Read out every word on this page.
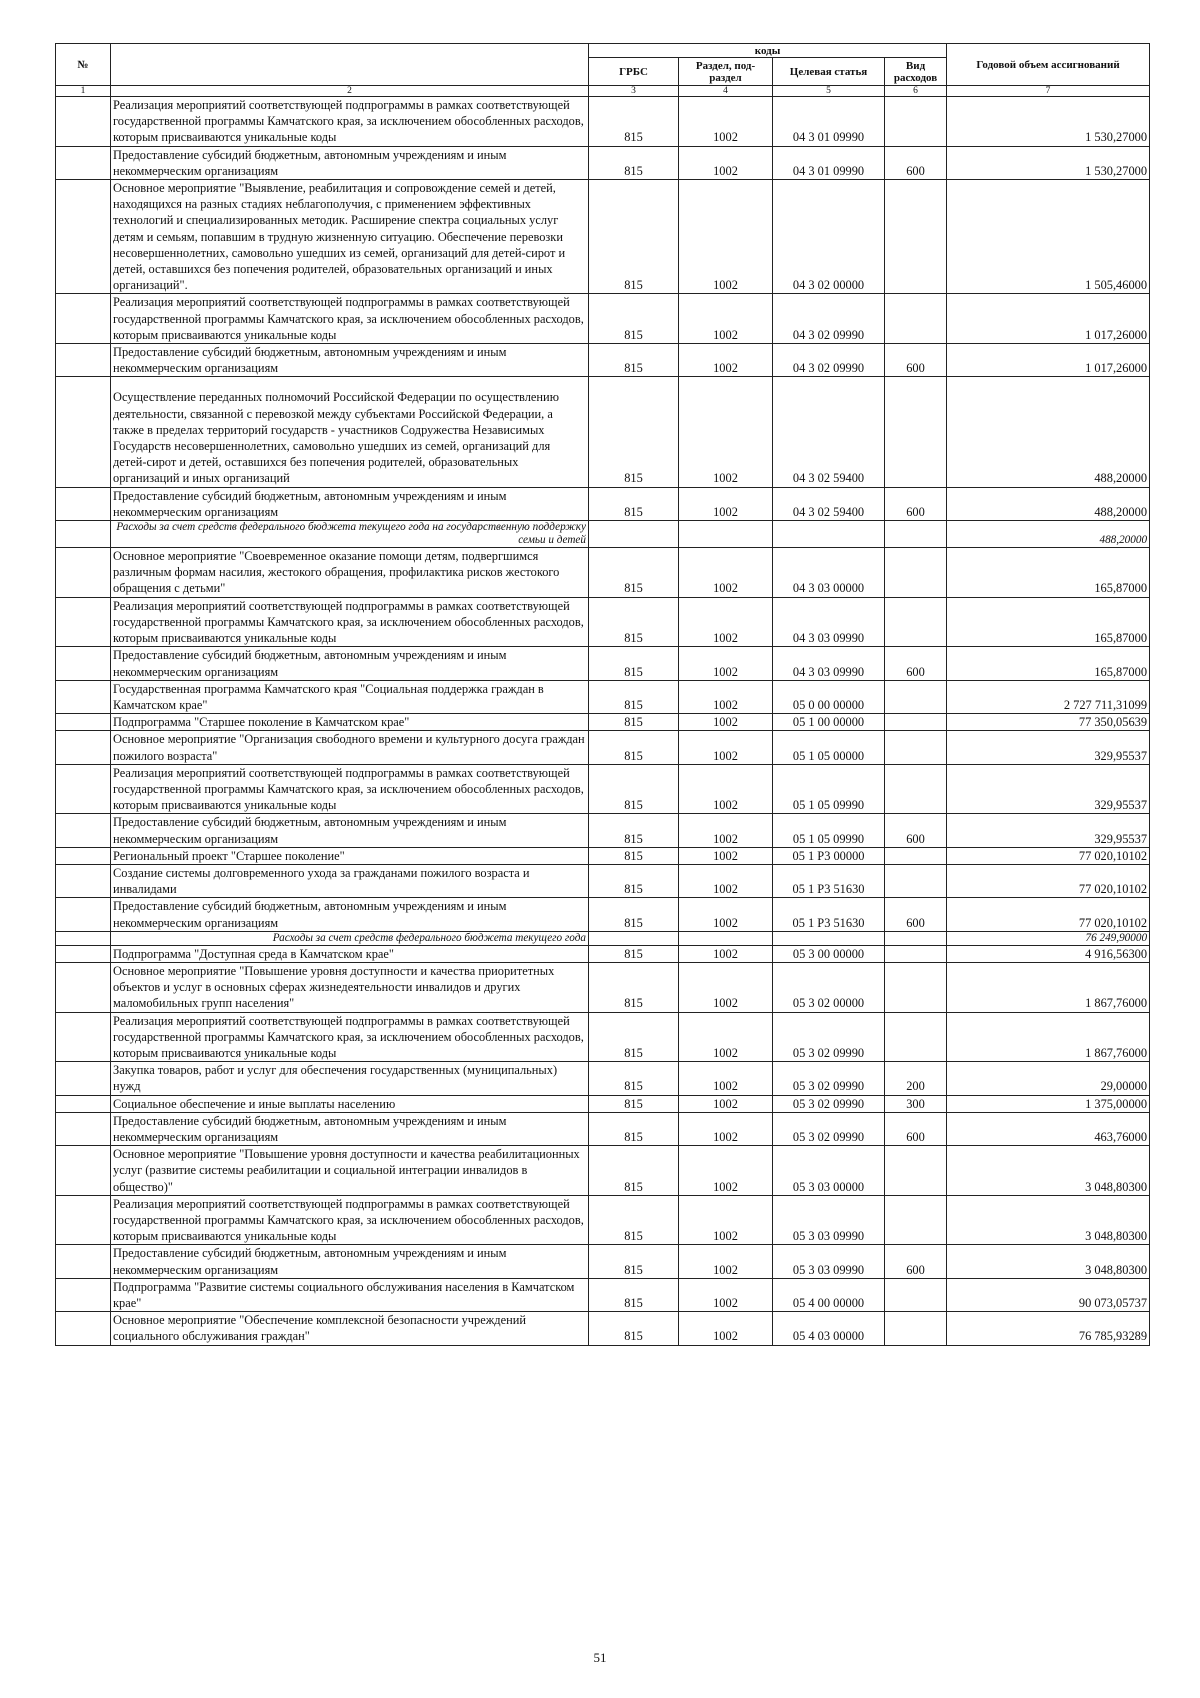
№		коды				Годовой объем ассигнований
		ГРБС	Раздел, под-раздел	Целевая статья	Вид расходов	
1	2	3	4	5	6	7
	Реализация мероприятий соответствующей подпрограммы в рамках соответствующей государственной программы Камчатского края, за исключением обособленных расходов, которым присваиваются уникальные коды	815	1002	04 3 01 09990		1 530,27000
	Предоставление субсидий бюджетным, автономным учреждениям и иным некоммерческим организациям	815	1002	04 3 01 09990	600	1 530,27000
	Основное мероприятие "Выявление, реабилитация и сопровождение семей и детей, находящихся на разных стадиях неблагополучия, с применением эффективных технологий и специализированных методик. Расширение спектра социальных услуг детям и семьям, попавшим в трудную жизненную ситуацию. Обеспечение перевозки несовершеннолетних, самовольно ушедших из семей, организаций для детей-сирот и детей, оставшихся без попечения родителей, образовательных организаций и иных организаций".	815	1002	04 3 02 00000		1 505,46000
	Реализация мероприятий соответствующей подпрограммы в рамках соответствующей государственной программы Камчатского края, за исключением обособленных расходов, которым присваиваются уникальные коды	815	1002	04 3 02 09990		1 017,26000
	Предоставление субсидий бюджетным, автономным учреждениям и иным некоммерческим организациям	815	1002	04 3 02 09990	600	1 017,26000
	Осуществление переданных полномочий Российской Федерации по осуществлению деятельности, связанной с перевозкой между субъектами Российской Федерации, а также в пределах территорий государств - участников Содружества Независимых Государств несовершеннолетних, самовольно ушедших из семей, организаций для детей-сирот и детей, оставшихся без попечения родителей, образовательных организаций и иных организаций	815	1002	04 3 02 59400		488,20000
	Предоставление субсидий бюджетным, автономным учреждениям и иным некоммерческим организациям	815	1002	04 3 02 59400	600	488,20000
	Расходы за счет средств федерального бюджета текущего года на государственную поддержку семьи и детей					488,20000
	Основное мероприятие "Своевременное оказание помощи детям, подвергшимся различным формам насилия, жестокого обращения, профилактика рисков жестокого обращения с детьми"	815	1002	04 3 03 00000		165,87000
	Реализация мероприятий соответствующей подпрограммы в рамках соответствующей государственной программы Камчатского края, за исключением обособленных расходов, которым присваиваются уникальные коды	815	1002	04 3 03 09990		165,87000
	Предоставление субсидий бюджетным, автономным учреждениям и иным некоммерческим организациям	815	1002	04 3 03 09990	600	165,87000
	Государственная программа Камчатского края "Социальная поддержка граждан в Камчатском крае"	815	1002	05 0 00 00000		2 727 711,31099
	Подпрограмма "Старшее поколение в Камчатском крае"	815	1002	05 1 00 00000		77 350,05639
	Основное мероприятие "Организация свободного времени и культурного досуга граждан пожилого возраста"	815	1002	05 1 05 00000		329,95537
	Реализация мероприятий соответствующей подпрограммы в рамках соответствующей государственной программы Камчатского края, за исключением обособленных расходов, которым присваиваются уникальные коды	815	1002	05 1 05 09990		329,95537
	Предоставление субсидий бюджетным, автономным учреждениям и иным некоммерческим организациям	815	1002	05 1 05 09990	600	329,95537
	Региональный проект "Старшее поколение"	815	1002	05 1 P3 00000		77 020,10102
	Создание системы долговременного ухода за гражданами пожилого возраста и инвалидами	815	1002	05 1 P3 51630		77 020,10102
	Предоставление субсидий бюджетным, автономным учреждениям и иным некоммерческим организациям	815	1002	05 1 P3 51630	600	77 020,10102
	Расходы за счет средств федерального бюджета текущего года					76 249,90000
	Подпрограмма "Доступная среда в Камчатском крае"	815	1002	05 3 00 00000		4 916,56300
	Основное мероприятие "Повышение уровня доступности и качества приоритетных объектов и услуг в основных сферах жизнедеятельности инвалидов и других маломобильных групп населения"	815	1002	05 3 02 00000		1 867,76000
	Реализация мероприятий соответствующей подпрограммы в рамках соответствующей государственной программы Камчатского края, за исключением обособленных расходов, которым присваиваются уникальные коды	815	1002	05 3 02 09990		1 867,76000
	Закупка товаров, работ и услуг для обеспечения государственных (муниципальных) нужд	815	1002	05 3 02 09990	200	29,00000
	Социальное обеспечение и иные выплаты населению	815	1002	05 3 02 09990	300	1 375,00000
	Предоставление субсидий бюджетным, автономным учреждениям и иным некоммерческим организациям	815	1002	05 3 02 09990	600	463,76000
	Основное мероприятие "Повышение уровня доступности и качества реабилитационных услуг (развитие системы реабилитации и социальной интеграции инвалидов в общество)"	815	1002	05 3 03 00000		3 048,80300
	Реализация мероприятий соответствующей подпрограммы в рамках соответствующей государственной программы Камчатского края, за исключением обособленных расходов, которым присваиваются уникальные коды	815	1002	05 3 03 09990		3 048,80300
	Предоставление субсидий бюджетным, автономным учреждениям и иным некоммерческим организациям	815	1002	05 3 03 09990	600	3 048,80300
	Подпрограмма "Развитие системы социального обслуживания населения в Камчатском крае"	815	1002	05 4 00 00000		90 073,05737
	Основное мероприятие "Обеспечение комплексной безопасности учреждений социального обслуживания граждан"	815	1002	05 4 03 00000		76 785,93289
51
